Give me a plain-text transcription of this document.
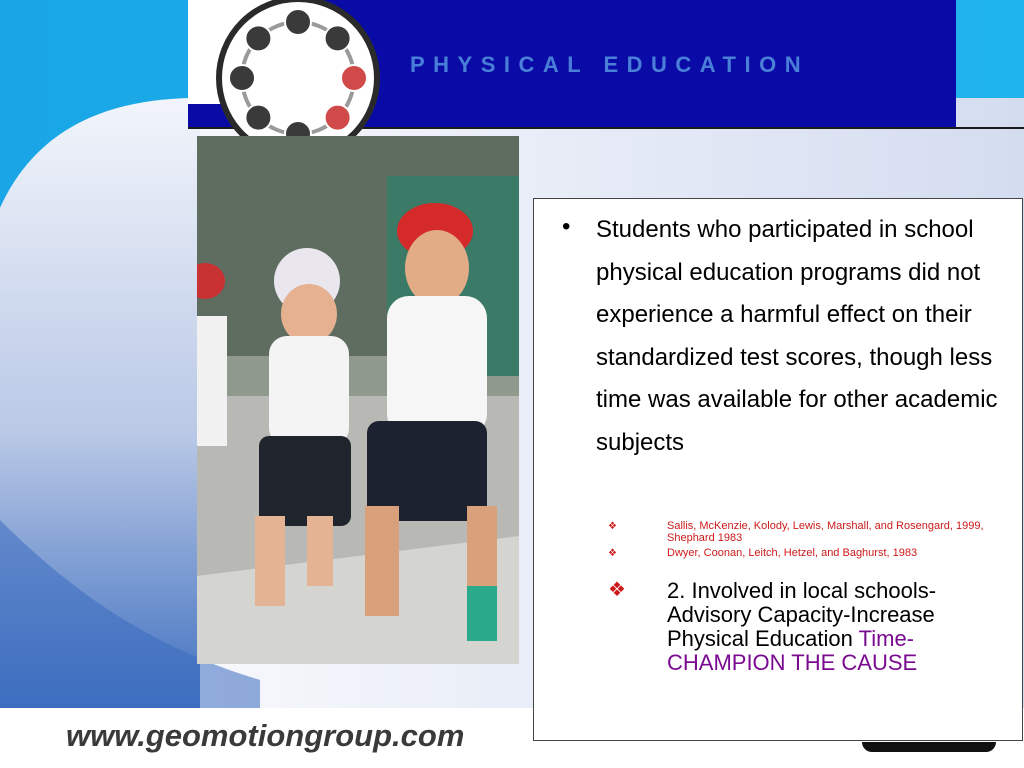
PHYSICAL EDUCATION
• Students who participated in school physical education programs did not experience a harmful effect on their standardized test scores, though less time was available for other academic subjects
❖	Sallis, McKenzie, Kolody, Lewis, Marshall, and Rosengard, 1999, Shephard 1983
❖	Dwyer, Coonan, Leitch, Hetzel, and Baghurst, 1983
❖ 2. Involved in local schools-Advisory Capacity-Increase Physical Education Time-CHAMPION THE CAUSE
www.geomotiongroup.com
